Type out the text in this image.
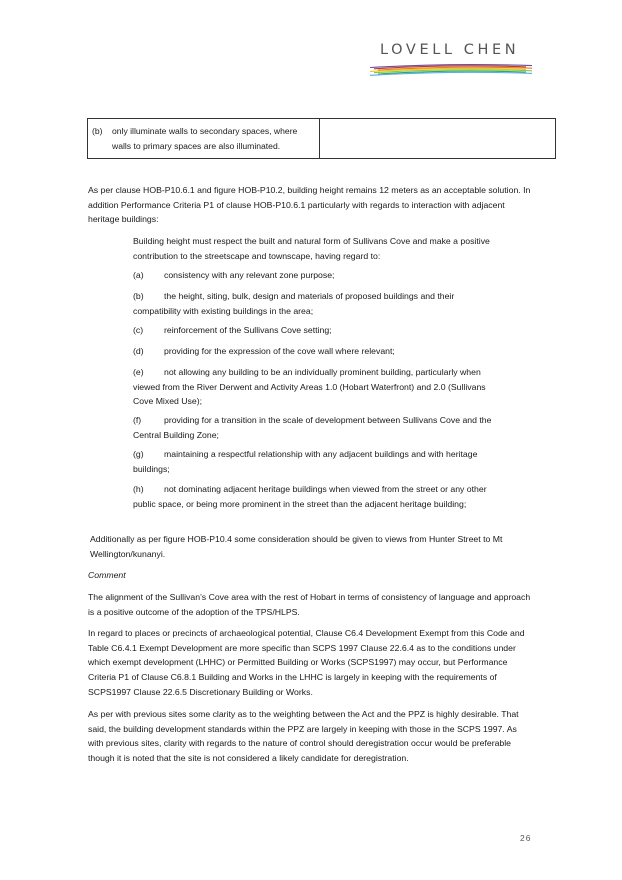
LOVELL CHEN
(b) only illuminate walls to secondary spaces, where walls to primary spaces are also illuminated.

As per clause HOB-P10.6.1 and figure HOB-P10.2, building height remains 12 meters as an acceptable solution. In addition Performance Criteria P1 of clause HOB-P10.6.1 particularly with regards to interaction with adjacent heritage buildings:

Building height must respect the built and natural form of Sullivans Cove and make a positive contribution to the streetscape and townscape, having regard to:

(a) consistency with any relevant zone purpose;

(b) the height, siting, bulk, design and materials of proposed buildings and their compatibility with existing buildings in the area;

(c) reinforcement of the Sullivans Cove setting;

(d) providing for the expression of the cove wall where relevant;

(e) not allowing any building to be an individually prominent building, particularly when viewed from the River Derwent and Activity Areas 1.0 (Hobart Waterfront) and 2.0 (Sullivans Cove Mixed Use);

(f)	providing for a transition in the scale of development between Sullivans Cove and the Central Building Zone;

(g) maintaining a respectful relationship with any adjacent buildings and with heritage buildings;

(h) not dominating adjacent heritage buildings when viewed from the street or any other public space, or being more prominent in the street than the adjacent heritage building;

Additionally as per figure HOB-P10.4 some consideration should be given to views from Hunter Street to Mt Wellington/kunanyi.

Comment

The alignment of the Sullivan’s Cove area with the rest of Hobart in terms of consistency of language and approach is a positive outcome of the adoption of the TPS/HLPS.

In regard to places or precincts of archaeological potential, Clause C6.4 Development Exempt from this Code and Table C6.4.1 Exempt Development are more specific than SCPS 1997 Clause 22.6.4 as to the conditions under which exempt development (LHHC) or Permitted Building or Works (SCPS1997) may occur, but Performance Criteria P1 of Clause C6.8.1 Building and Works in the LHHC is largely in keeping with the requirements of SCPS1997 Clause 22.6.5 Discretionary Building or Works.

As per with previous sites some clarity as to the weighting between the Act and the PPZ is highly desirable. That said, the building development standards within the PPZ are largely in keeping with those in the SCPS 1997. As with previous sites, clarity with regards to the nature of control should deregistration occur would be preferable though it is noted that the site is not considered a likely candidate for deregistration.

26
